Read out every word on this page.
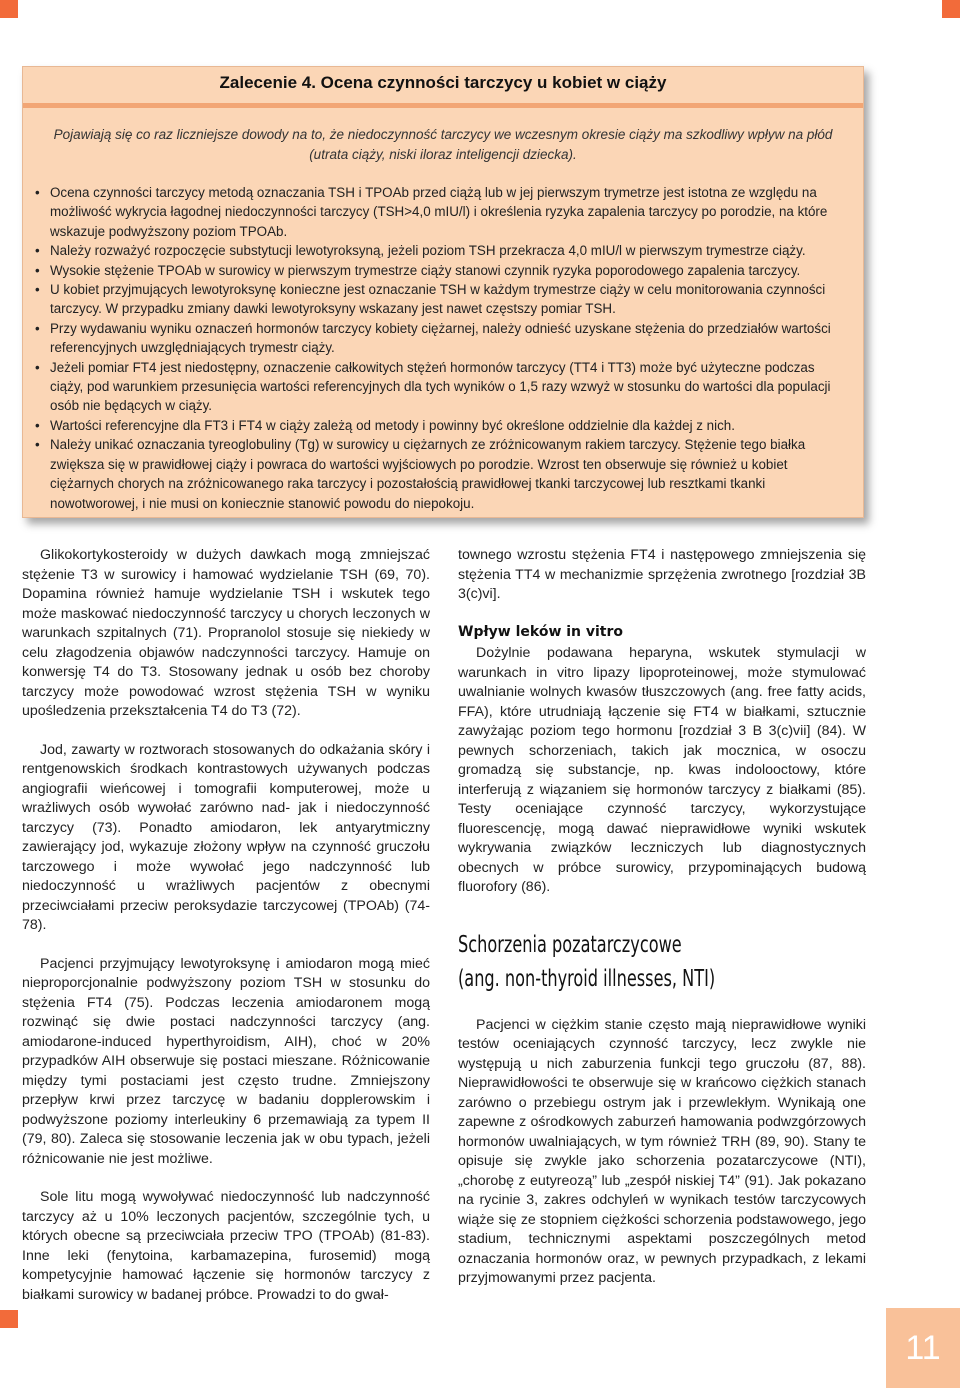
Zalecenie 4. Ocena czynności tarczycy u kobiet w ciąży
Pojawiają się co raz liczniejsze dowody na to, że niedoczynność tarczycy we wczesnym okresie ciąży ma szkodliwy wpływ na płód (utrata ciąży, niski iloraz inteligencji dziecka).
• Ocena czynności tarczycy metodą oznaczania TSH i TPOAb przed ciążą lub w jej pierwszym trymetrze jest istotna ze względu na możliwość wykrycia łagodnej niedoczynności tarczycy (TSH>4,0 mIU/l) i określenia ryzyka zapalenia tarczycy po porodzie, na które wskazuje podwyższony poziom TPOAb.
• Należy rozważyć rozpoczęcie substytucji lewotyroksyną, jeżeli poziom TSH przekracza 4,0 mIU/l w pierwszym trymestrze ciąży.
• Wysokie stężenie TPOAb w surowicy w pierwszym trymestrze ciąży stanowi czynnik ryzyka poporodowego zapalenia tarczycy.
• U kobiet przyjmujących lewotyroksynę konieczne jest oznaczanie TSH w każdym trymestrze ciąży w celu monitorowania czynności tarczycy. W przypadku zmiany dawki lewotyroksyny wskazany jest nawet częstszy pomiar TSH.
• Przy wydawaniu wyniku oznaczeń hormonów tarczycy kobiety ciężarnej, należy odnieść uzyskane stężenia do przedziałów wartości referencyjnych uwzględniających trymestr ciąży.
• Jeżeli pomiar FT4 jest niedostępny, oznaczenie całkowitych stężeń hormonów tarczycy (TT4 i TT3) może być użyteczne podczas ciąży, pod warunkiem przesunięcia wartości referencyjnych dla tych wyników o 1,5 razy wzwyż w stosunku do wartości dla populacji osób nie będących w ciąży.
• Wartości referencyjne dla FT3 i FT4 w ciąży zależą od metody i powinny być określone oddzielnie dla każdej z nich.
• Należy unikać oznaczania tyreoglobuliny (Tg) w surowicy u ciężarnych ze zróżnicowanym rakiem tarczycy. Stężenie tego białka zwiększa się w prawidłowej ciąży i powraca do wartości wyjściowych po porodzie. Wzrost ten obserwuje się również u kobiet ciężarnych chorych na zróżnicowanego raka tarczycy i pozostałością prawidłowej tkanki tarczycowej lub resztkami tkanki nowotworowej, i nie musi on koniecznie stanowić powodu do niepokoju.

Glikokortykosteroidy w dużych dawkach mogą zmniejszać stężenie T3 w surowicy i hamować wydzielanie TSH (69, 70). Dopamina również hamuje wydzielanie TSH i wskutek tego może maskować niedoczynność tarczycy u chorych leczonych w warunkach szpitalnych (71). Propranolol stosuje się niekiedy w celu złagodzenia objawów nadczynności tarczycy. Hamuje on konwersję T4 do T3. Stosowany jednak u osób bez choroby tarczycy może powodować wzrost stężenia TSH w wyniku upośledzenia przekształcenia T4 do T3 (72).

Jod, zawarty w roztworach stosowanych do odkażania skóry i rentgenowskich środkach kontrastowych używanych podczas angiografii wieńcowej i tomografii komputerowej, może u wrażliwych osób wywołać zarówno nad- jak i niedoczynność tarczycy (73). Ponadto amiodaron, lek antyarytmiczny zawierający jod, wykazuje złożony wpływ na czynność gruczołu tarczowego i może wywołać jego nadczynność lub niedoczynność u wrażliwych pacjentów z obecnymi przeciwciałami przeciw peroksydazie tarczycowej (TPOAb) (74-78).

Pacjenci przyjmujący lewotyroksynę i amiodaron mogą mieć nieproporcjonalnie podwyższony poziom TSH w stosunku do stężenia FT4 (75). Podczas leczenia amiodaronem mogą rozwinąć się dwie postaci nadczynności tarczycy (ang. amiodarone-induced hyperthyroidism, AIH), choć w 20% przypadków AIH obserwuje się postaci mieszane. Różnicowanie między tymi postaciami jest często trudne. Zmniejszony przepływ krwi przez tarczycę w badaniu dopplerowskim i podwyższone poziomy interleukiny 6 przemawiają za typem II (79, 80). Zaleca się stosowanie leczenia jak w obu typach, jeżeli różnicowanie nie jest możliwe.

Sole litu mogą wywoływać niedoczynność lub nadczynność tarczycy aż u 10% leczonych pacjentów, szczególnie tych, u których obecne są przeciwciała przeciw TPO (TPOAb) (81-83). Inne leki (fenytoina, karbamazepina, furosemid) mogą kompetycyjnie hamować łączenie się hormonów tarczycy z białkami surowicy w badanej próbce. Prowadzi to do gwał-

townego wzrostu stężenia FT4 i następowego zmniejszenia się stężenia TT4 w mechanizmie sprzężenia zwrotnego [rozdział 3B 3(c)vi].

Wpływ leków in vitro

Dożylnie podawana heparyna, wskutek stymulacji w warunkach in vitro lipazy lipoproteinowej, może stymulować uwalnianie wolnych kwasów tłuszczowych (ang. free fatty acids, FFA), które utrudniają łączenie się FT4 w białkami, sztucznie zawyżając poziom tego hormonu [rozdział 3 B 3(c)vii] (84). W pewnych schorzeniach, takich jak mocznica, w osoczu gromadzą się substancje, np. kwas indolooctowy, które interferują z wiązaniem się hormonów tarczycy z białkami (85). Testy oceniające czynność tarczycy, wykorzystujące fluorescencję, mogą dawać nieprawidłowe wyniki wskutek wykrywania związków leczniczych lub diagnostycznych obecnych w próbce surowicy, przypominających budową fluorofory (86).

Schorzenia pozatarczycowe
(ang. non-thyroid illnesses, NTI)

Pacjenci w ciężkim stanie często mają nieprawidłowe wyniki testów oceniających czynność tarczycy, lecz zwykle nie występują u nich zaburzenia funkcji tego gruczołu (87, 88). Nieprawidłowości te obserwuje się w krańcowo ciężkich stanach zarówno o przebiegu ostrym jak i przewlekłym. Wynikają one zapewne z ośrodkowych zaburzeń hamowania podwzgórzowych hormonów uwalniających, w tym również TRH (89, 90). Stany te opisuje się zwykle jako schorzenia pozatarczycowe (NTI), „chorobę z eutyreozą” lub „zespół niskiej T4” (91). Jak pokazano na rycinie 3, zakres odchyleń w wynikach testów tarczycowych wiąże się ze stopniem ciężkości schorzenia podstawowego, jego stadium, technicznymi aspektami poszczególnych metod oznaczania hormonów oraz, w pewnych przypadkach, z lekami przyjmowanymi przez pacjenta.

11
